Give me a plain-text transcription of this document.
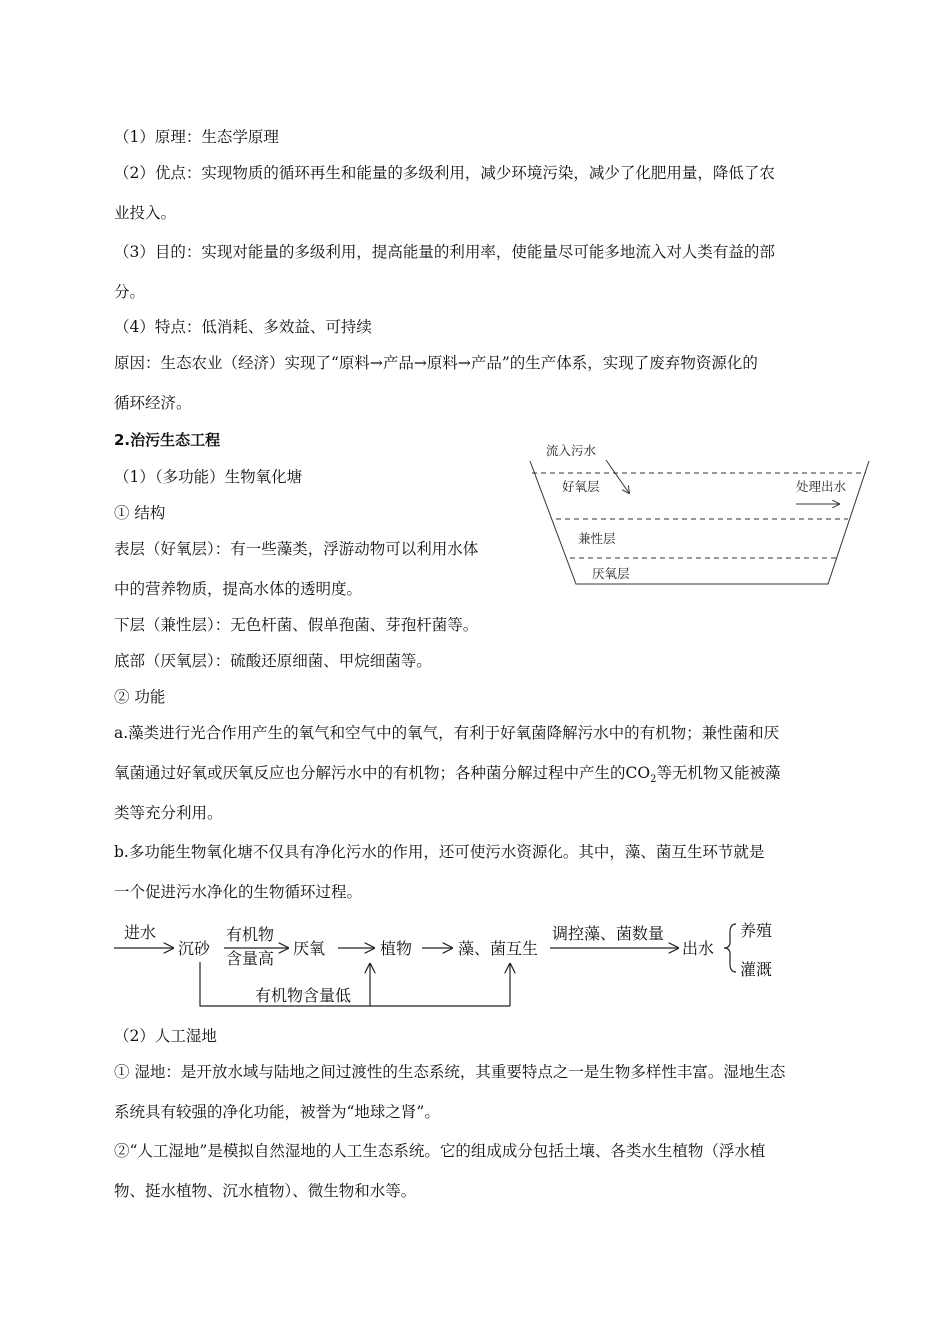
（1）原理：生态学原理
（2）优点：实现物质的循环再生和能量的多级利用，减少环境污染，减少了化肥用量，降低了农
业投入。
（3）目的：实现对能量的多级利用，提高能量的利用率，使能量尽可能多地流入对人类有益的部
分。
（4）特点：低消耗、多效益、可持续
原因：生态农业（经济）实现了“原料→产品→原料→产品”的生产体系，实现了废弃物资源化的
循环经济。
2.治污生态工程
（1）（多功能）生物氧化塘
① 结构
表层（好氧层）：有一些藻类，浮游动物可以利用水体
中的营养物质，提高水体的透明度。
下层（兼性层）：无色杆菌、假单孢菌、芽孢杆菌等。
底部（厌氧层）：硫酸还原细菌、甲烷细菌等。
② 功能
a.藻类进行光合作用产生的氧气和空气中的氧气，有利于好氧菌降解污水中的有机物；兼性菌和厌
氧菌通过好氧或厌氧反应也分解污水中的有机物；各种菌分解过程中产生的$CO_2$等无机物又能被藻
类等充分利用。
b.多功能生物氧化塘不仅具有净化污水的作用，还可使污水资源化。其中，藻、菌互生环节就是
一个促进污水净化的生物循环过程。
（2）人工湿地
① 湿地：是开放水域与陆地之间过渡性的生态系统，其重要特点之一是生物多样性丰富。湿地生态
系统具有较强的净化功能，被誉为“地球之肾”。
②“人工湿地”是模拟自然湿地的人工生态系统。它的组成成分包括土壤、各类水生植物（浮水植
物、挺水植物、沉水植物）、微生物和水等。
流入污水
好氧层	处理出水
兼性层
厌氧层
进水
沉砂
有机物
含量高
厌氧	植物	藻、菌互生
调控藻、菌数量
出水
养殖
灌溉
有机物含量低
